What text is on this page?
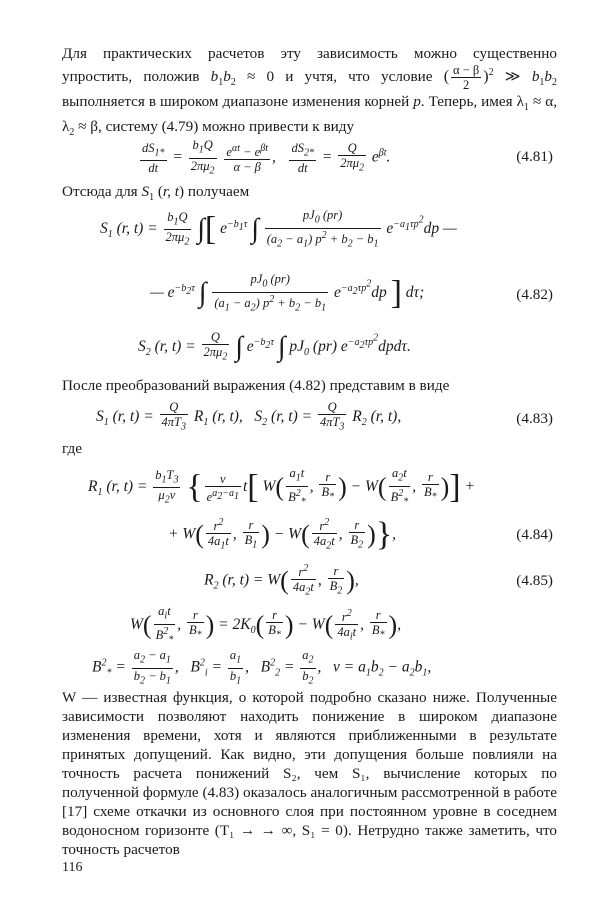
Для практических расчетов эту зависимость можно существенно упростить, положив $b_1b_2 \approx 0$ и учтя, что условие ( $\frac{\alpha - \beta}{2} )^2$ ≫ $b_1b_2$ выполняется в широком диапазоне изменения корней p. Теперь, имея $\lambda_1 \approx \alpha$, $\lambda_2 \approx \beta$, систему (4.79) можно привести к виду

$\frac{dS_{1*}}{dt} = \frac{b_1Q}{2\pi\mu_2}$
$\frac{e^{\alpha t} - e^{\beta t}}{\alpha - \beta}$ , $\frac{dS_{2*}}{dt} = \frac{Q}{2\pi\mu_2} e^{\beta t}$.	(4.81)
Отсюда для $S_1$ (r, t) получаем
$S_1$ (r, $t) = \frac{b_1Q}{2\pi\mu_2}$ ∫[ $e^{-b_1\tau}$ ∫ $\frac{pJ_0 (pr)}{(a_2 - a_1) p^2 + b_2 - b_1} e^{-a_1\tau p^2}dp$ —
— $e^{-b_2\tau}$ ∫ $\frac{pJ_0 (pr)}{(a_1 - a_2) p^2 + b_2 - b_1} e^{-a_2\tau p^2}dp$ ] dτ;	(4.82)
$S_2$ (r, $t) = \frac{Q}{2\pi\mu_2}$ ∫ $e^{-b_2\tau}$ ∫ $pJ_0$ (pr) $e^{-a_2\tau p^2}dpd\tau$.
После преобразований выражения (4.82) представим в виде
$S_1$ (r, $t) = \frac{Q}{4\pi T_3} R_1$ (r, t),   $S_2$ (r, $t) = \frac{Q}{4\pi T_3} R_2$ (r, t),	(4.83)
где
$R_1$ (r, $t) = \frac{b_1T_3}{\mu_2\nu}$ { $\frac{\nu}{e^{a_2-a_1}} t$[ $W( \frac{a_1t}{B^2_*}$ , $\frac{r}{B_*}$ ) − $W( \frac{a_2t}{B^2_*}$ , $\frac{r}{B_*}$ )] +
+ $W( \frac{r^2}{4a_1t}$ , $\frac{r}{B_1}$ ) − $W( \frac{r^2}{4a_2t}$ , $\frac{r}{B_2}$ )},	(4.84)
$R_2$ (r, $t) = W( \frac{r^2}{4a_2t}$ , $\frac{r}{B_2}$ ),	(4.85)
$W( \frac{a_it}{B^2_*}$ , $\frac{r}{B_*}$ ) = $2K_0( \frac{r}{B_*}$ ) − $W( \frac{r^2}{4a_it}$ , $\frac{r}{B_*}$ ),
$B^2_* = \frac{a_2 - a_1}{b_2 - b_1}$ ,   $B^2_i = \frac{a_1}{b_1}$ ,   $B^2_2 = \frac{a_2}{b_2}$ ,   $\nu = a_1b_2 - a_2b_1$,
W — известная функция, о которой подробно сказано ниже. Полученные зависимости позволяют находить понижение в широком диапазоне изменения времени, хотя и являются приближенными в результате принятых допущений. Как видно, эти допущения больше повлияли на точность расчета понижений S₂, чем S₁, вычисление которых по полученной формуле (4.83) оказалось аналогичным рассмотренной в работе [17] схеме откачки из основного слоя при постоянном уровне в соседнем водоносном горизонте (T₁ → → ∞, S₁ = 0). Нетрудно также заметить, что точность расчетов
116
